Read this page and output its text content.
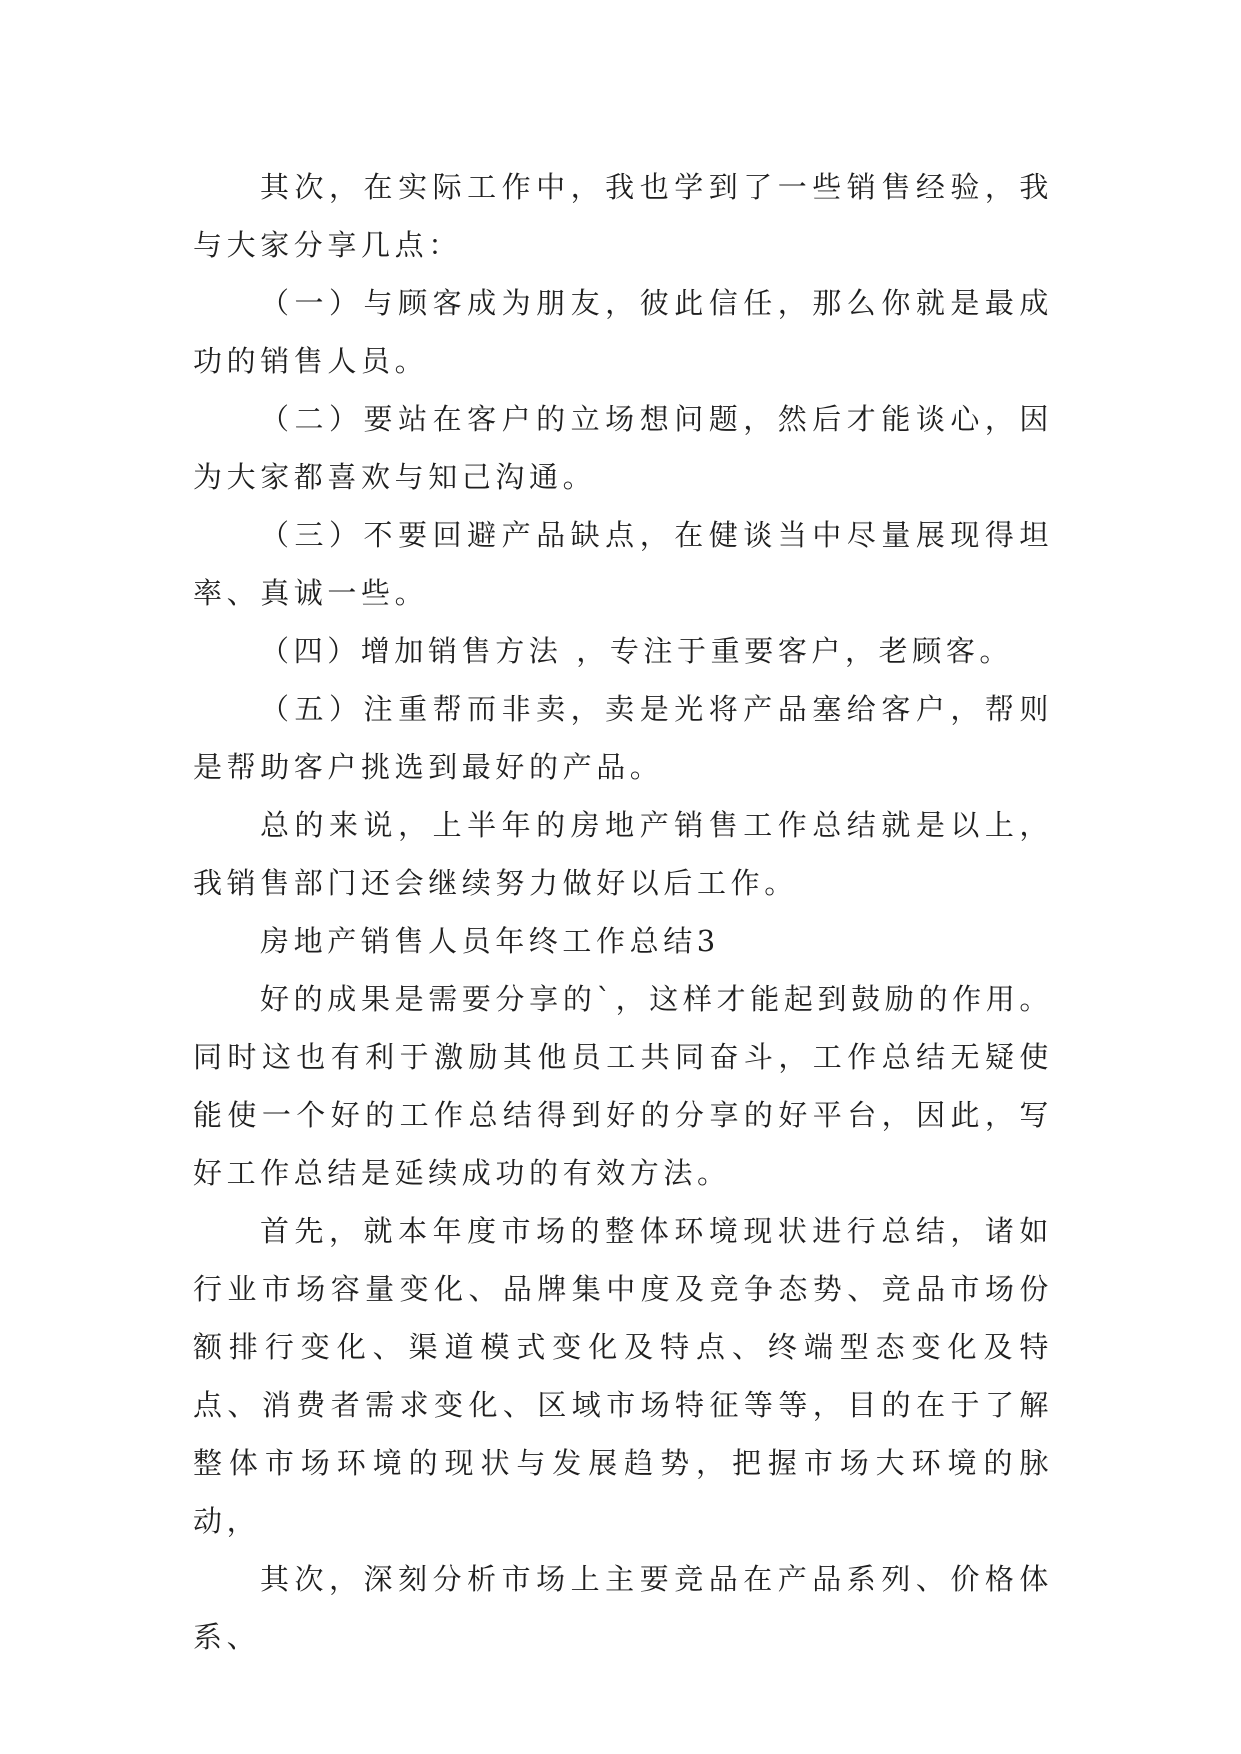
其次，在实际工作中，我也学到了一些销售经验，我与大家分享几点：

（一）与顾客成为朋友，彼此信任，那么你就是最成功的销售人员。

（二）要站在客户的立场想问题，然后才能谈心，因为大家都喜欢与知己沟通。

（三）不要回避产品缺点，在健谈当中尽量展现得坦率、真诚一些。

（四）增加销售方法 ，专注于重要客户，老顾客。

（五）注重帮而非卖，卖是光将产品塞给客户，帮则是帮助客户挑选到最好的产品。

总的来说，上半年的房地产销售工作总结就是以上，我销售部门还会继续努力做好以后工作。

房地产销售人员年终工作总结3

好的成果是需要分享的`，这样才能起到鼓励的作用。同时这也有利于激励其他员工共同奋斗，工作总结无疑使能使一个好的工作总结得到好的分享的好平台，因此，写好工作总结是延续成功的有效方法。

首先，就本年度市场的整体环境现状进行总结，诸如行业市场容量变化、品牌集中度及竞争态势、竞品市场份额排行变化、渠道模式变化及特点、终端型态变化及特点、消费者需求变化、区域市场特征等等，目的在于了解整体市场环境的现状与发展趋势，把握市场大环境的脉动，

其次，深刻分析市场上主要竞品在产品系列、价格体系、
